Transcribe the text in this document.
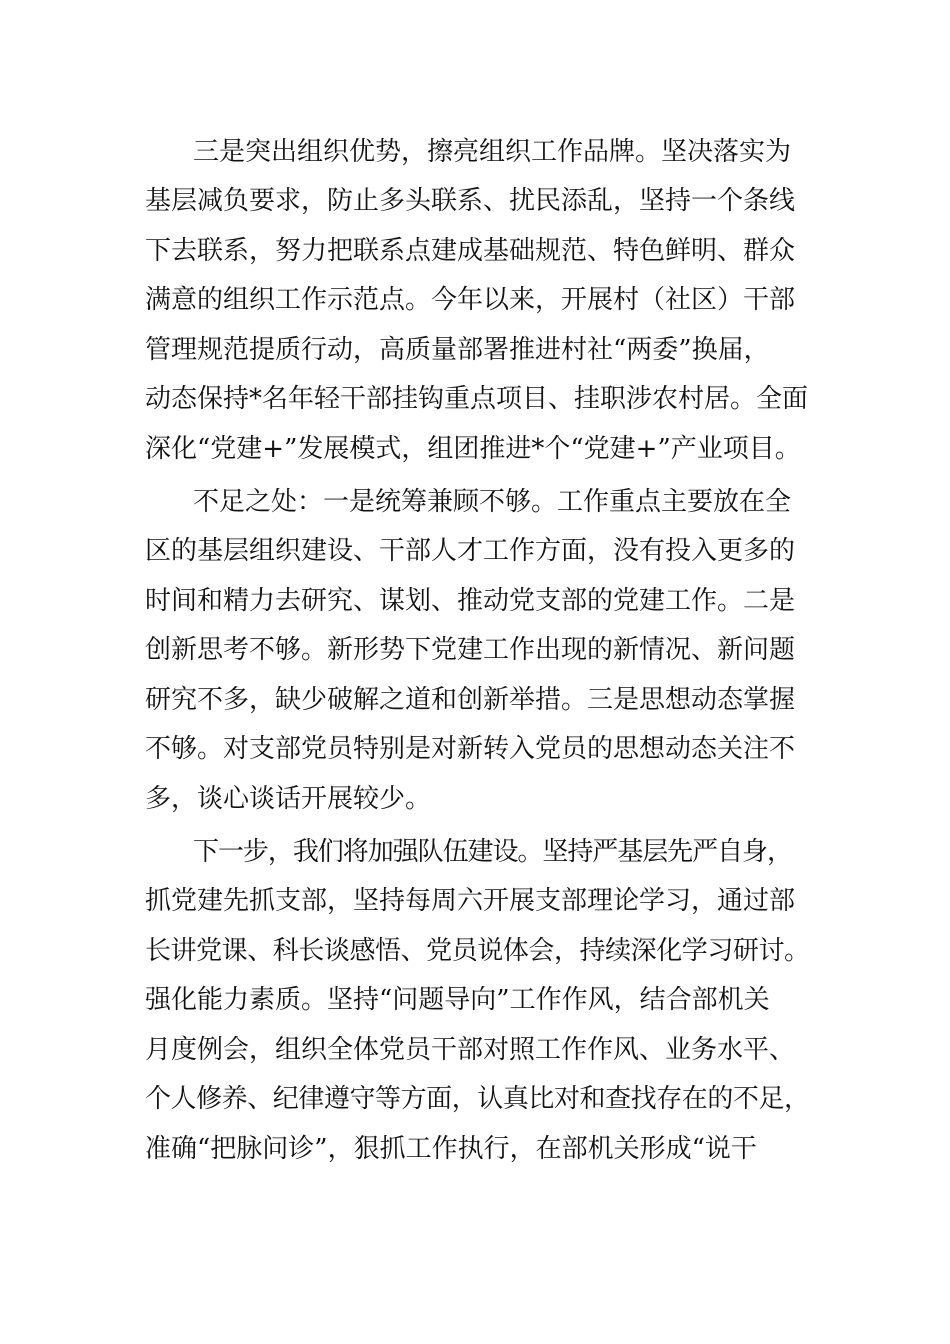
三是突出组织优势，擦亮组织工作品牌。坚决落实为
基层减负要求，防止多头联系、扰民添乱，坚持一个条线
下去联系，努力把联系点建成基础规范、特色鲜明、群众
满意的组织工作示范点。今年以来，开展村（社区）干部
管理规范提质行动，高质量部署推进村社“两委”换届，
动态保持*名年轻干部挂钩重点项目、挂职涉农村居。全面
深化“党建+”发展模式，组团推进*个“党建+”产业项目。
不足之处：一是统筹兼顾不够。工作重点主要放在全
区的基层组织建设、干部人才工作方面，没有投入更多的
时间和精力去研究、谋划、推动党支部的党建工作。二是
创新思考不够。新形势下党建工作出现的新情况、新问题
研究不多，缺少破解之道和创新举措。三是思想动态掌握
不够。对支部党员特别是对新转入党员的思想动态关注不
多，谈心谈话开展较少。
下一步，我们将加强队伍建设。坚持严基层先严自身，
抓党建先抓支部，坚持每周六开展支部理论学习，通过部
长讲党课、科长谈感悟、党员说体会，持续深化学习研讨。
强化能力素质。坚持“问题导向”工作作风，结合部机关
月度例会，组织全体党员干部对照工作作风、业务水平、
个人修养、纪律遵守等方面，认真比对和查找存在的不足，
准确“把脉问诊”，狠抓工作执行，在部机关形成“说干
